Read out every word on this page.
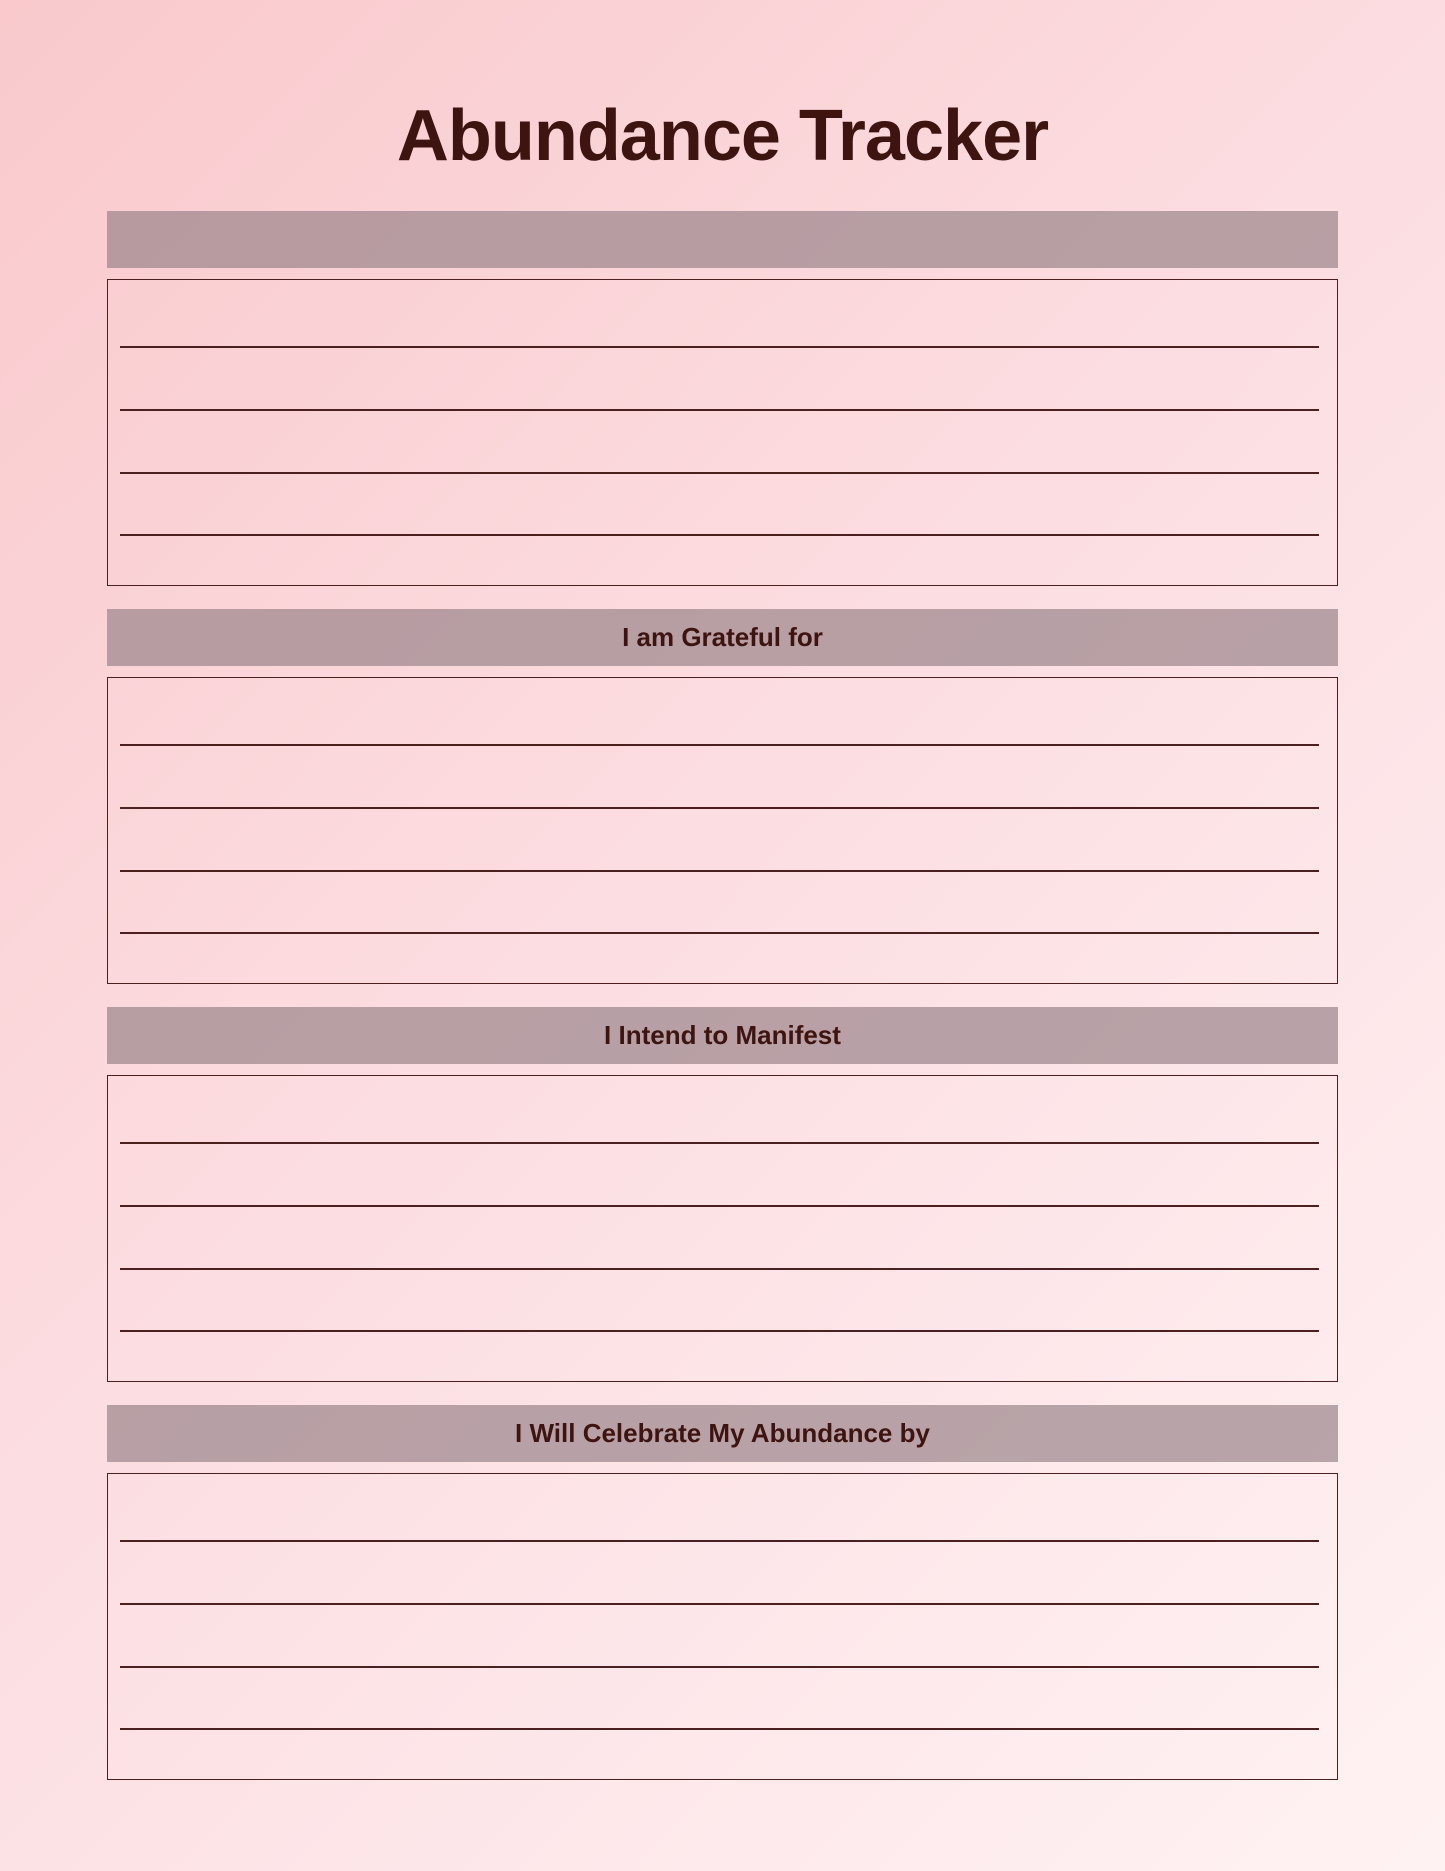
Abundance Tracker
I am Grateful for
I Intend to Manifest
I Will Celebrate My Abundance by
